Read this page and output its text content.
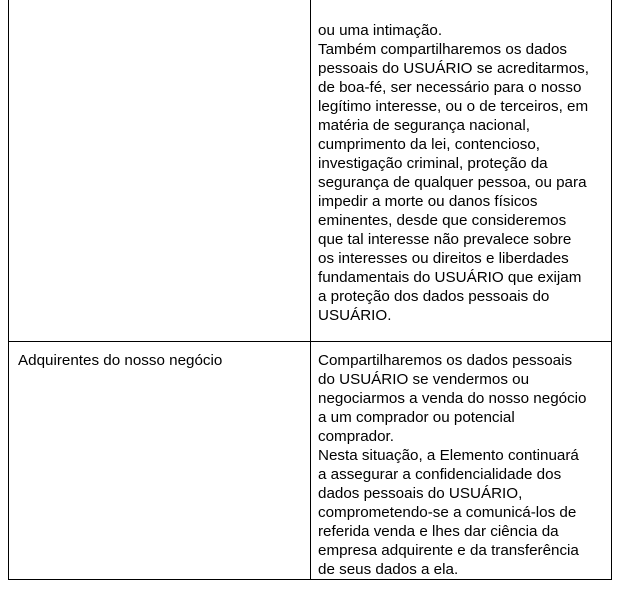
ou uma intimação.
Também compartilharemos os dados
pessoais do USUÁRIO se acreditarmos,
de boa-fé, ser necessário para o nosso
legítimo interesse, ou o de terceiros, em
matéria de segurança nacional,
cumprimento da lei, contencioso,
investigação criminal, proteção da
segurança de qualquer pessoa, ou para
impedir a morte ou danos físicos
eminentes, desde que consideremos
que tal interesse não prevalece sobre
os interesses ou direitos e liberdades
fundamentais do USUÁRIO que exijam
a proteção dos dados pessoais do
USUÁRIO.

Adquirentes do nosso negócio	Compartilharemos os dados pessoais
do USUÁRIO se vendermos ou
negociarmos a venda do nosso negócio
a um comprador ou potencial
comprador.
Nesta situação, a Elemento continuará
a assegurar a confidencialidade dos
dados pessoais do USUÁRIO,
comprometendo-se a comunicá-los de
referida venda e lhes dar ciência da
empresa adquirente e da transferência
de seus dados a ela.
